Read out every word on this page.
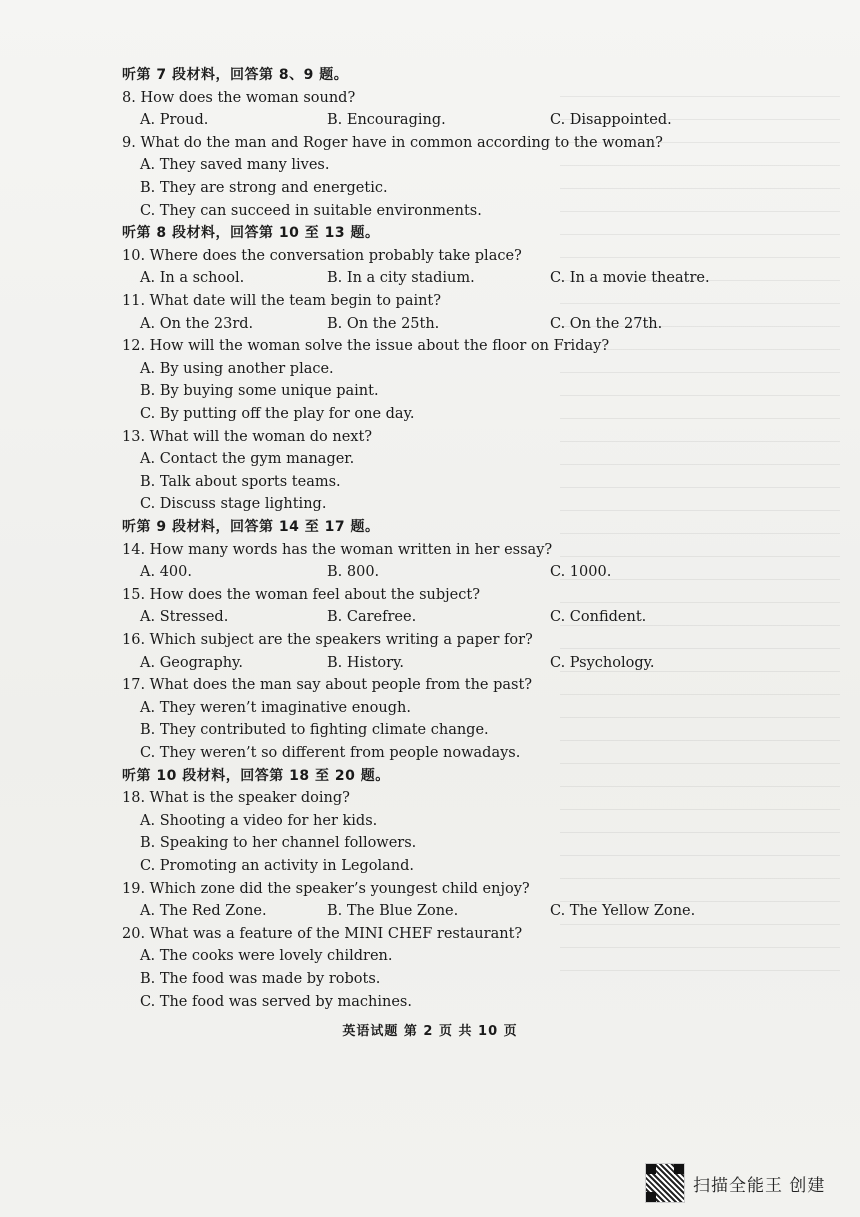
听第 7 段材料，回答第 8、9 题。
8. How does the woman sound?
A. Proud.	B. Encouraging.	C. Disappointed.
9. What do the man and Roger have in common according to the woman?
A. They saved many lives.
B. They are strong and energetic.
C. They can succeed in suitable environments.
听第 8 段材料，回答第 10 至 13 题。
10. Where does the conversation probably take place?
A. In a school.	B. In a city stadium.	C. In a movie theatre.
11. What date will the team begin to paint?
A. On the 23rd.	B. On the 25th.	C. On the 27th.
12. How will the woman solve the issue about the floor on Friday?
A. By using another place.
B. By buying some unique paint.
C. By putting off the play for one day.
13. What will the woman do next?
A. Contact the gym manager.
B. Talk about sports teams.
C. Discuss stage lighting.
听第 9 段材料，回答第 14 至 17 题。
14. How many words has the woman written in her essay?
A. 400.	B. 800.	C. 1000.
15. How does the woman feel about the subject?
A. Stressed.	B. Carefree.	C. Confident.
16. Which subject are the speakers writing a paper for?
A. Geography.	B. History.	C. Psychology.
17. What does the man say about people from the past?
A. They weren’t imaginative enough.
B. They contributed to fighting climate change.
C. They weren’t so different from people nowadays.
听第 10 段材料，回答第 18 至 20 题。
18. What is the speaker doing?
A. Shooting a video for her kids.
B. Speaking to her channel followers.
C. Promoting an activity in Legoland.
19. Which zone did the speaker’s youngest child enjoy?
A. The Red Zone.	B. The Blue Zone.	C. The Yellow Zone.
20. What was a feature of the MINI CHEF restaurant?
A. The cooks were lovely children.
B. The food was made by robots.
C. The food was served by machines.
英语试题 第 2 页 共 10 页
扫描全能王 创建
